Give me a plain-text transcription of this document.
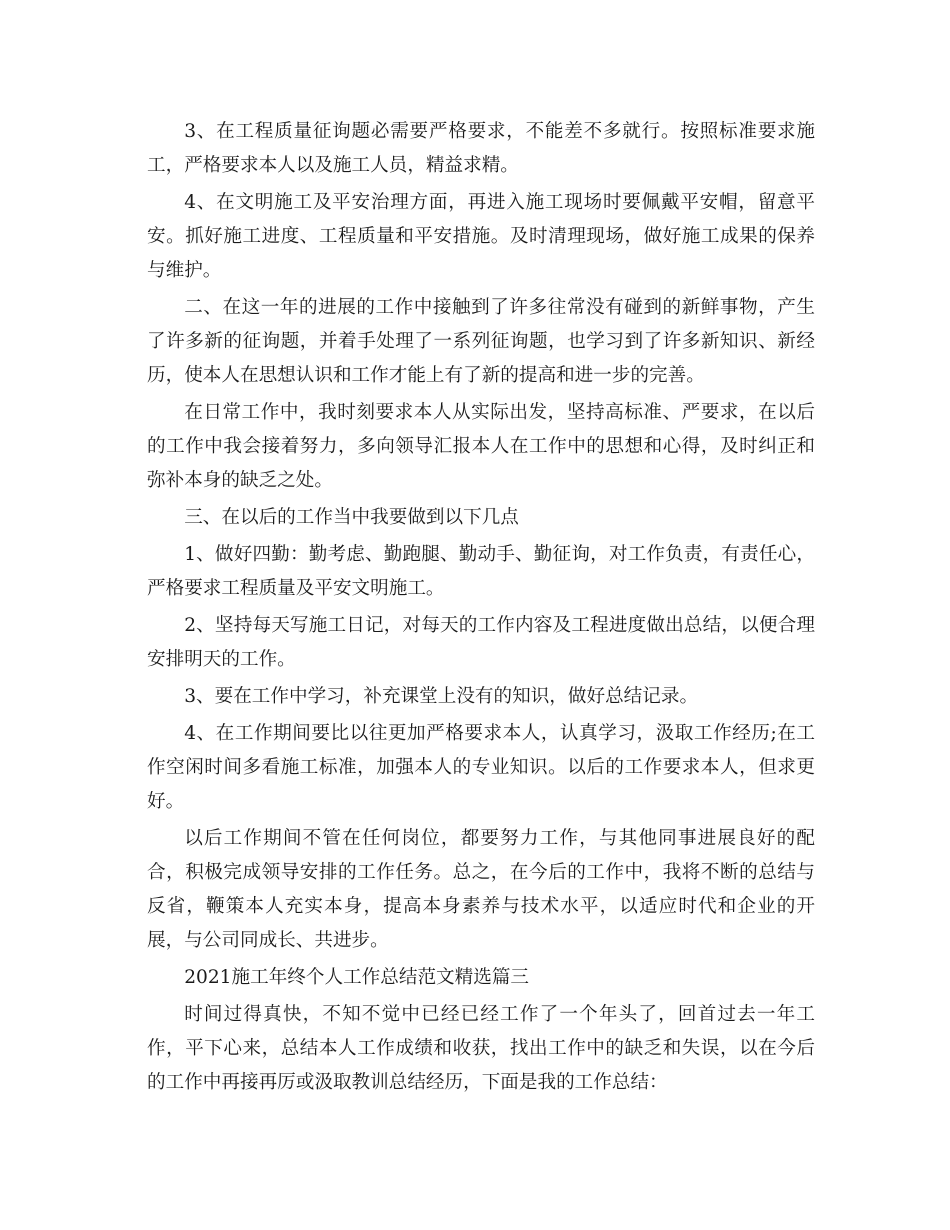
3、在工程质量征询题必需要严格要求，不能差不多就行。按照标准要求施工，严格要求本人以及施工人员，精益求精。

4、在文明施工及平安治理方面，再进入施工现场时要佩戴平安帽，留意平安。抓好施工进度、工程质量和平安措施。及时清理现场，做好施工成果的保养与维护。

二、在这一年的进展的工作中接触到了许多往常没有碰到的新鲜事物，产生了许多新的征询题，并着手处理了一系列征询题，也学习到了许多新知识、新经历，使本人在思想认识和工作才能上有了新的提高和进一步的完善。

在日常工作中，我时刻要求本人从实际出发，坚持高标准、严要求，在以后的工作中我会接着努力，多向领导汇报本人在工作中的思想和心得，及时纠正和弥补本身的缺乏之处。

三、在以后的工作当中我要做到以下几点

1、做好四勤：勤考虑、勤跑腿、勤动手、勤征询，对工作负责，有责任心，严格要求工程质量及平安文明施工。

2、坚持每天写施工日记，对每天的工作内容及工程进度做出总结，以便合理安排明天的工作。

3、要在工作中学习，补充课堂上没有的知识，做好总结记录。

4、在工作期间要比以往更加严格要求本人，认真学习，汲取工作经历;在工作空闲时间多看施工标准，加强本人的专业知识。以后的工作要求本人，但求更好。

以后工作期间不管在任何岗位，都要努力工作，与其他同事进展良好的配合，积极完成领导安排的工作任务。总之，在今后的工作中，我将不断的总结与反省，鞭策本人充实本身，提高本身素养与技术水平，以适应时代和企业的开展，与公司同成长、共进步。

2021施工年终个人工作总结范文精选篇三

时间过得真快，不知不觉中已经已经工作了一个年头了，回首过去一年工作，平下心来，总结本人工作成绩和收获，找出工作中的缺乏和失误，以在今后的工作中再接再厉或汲取教训总结经历，下面是我的工作总结：
